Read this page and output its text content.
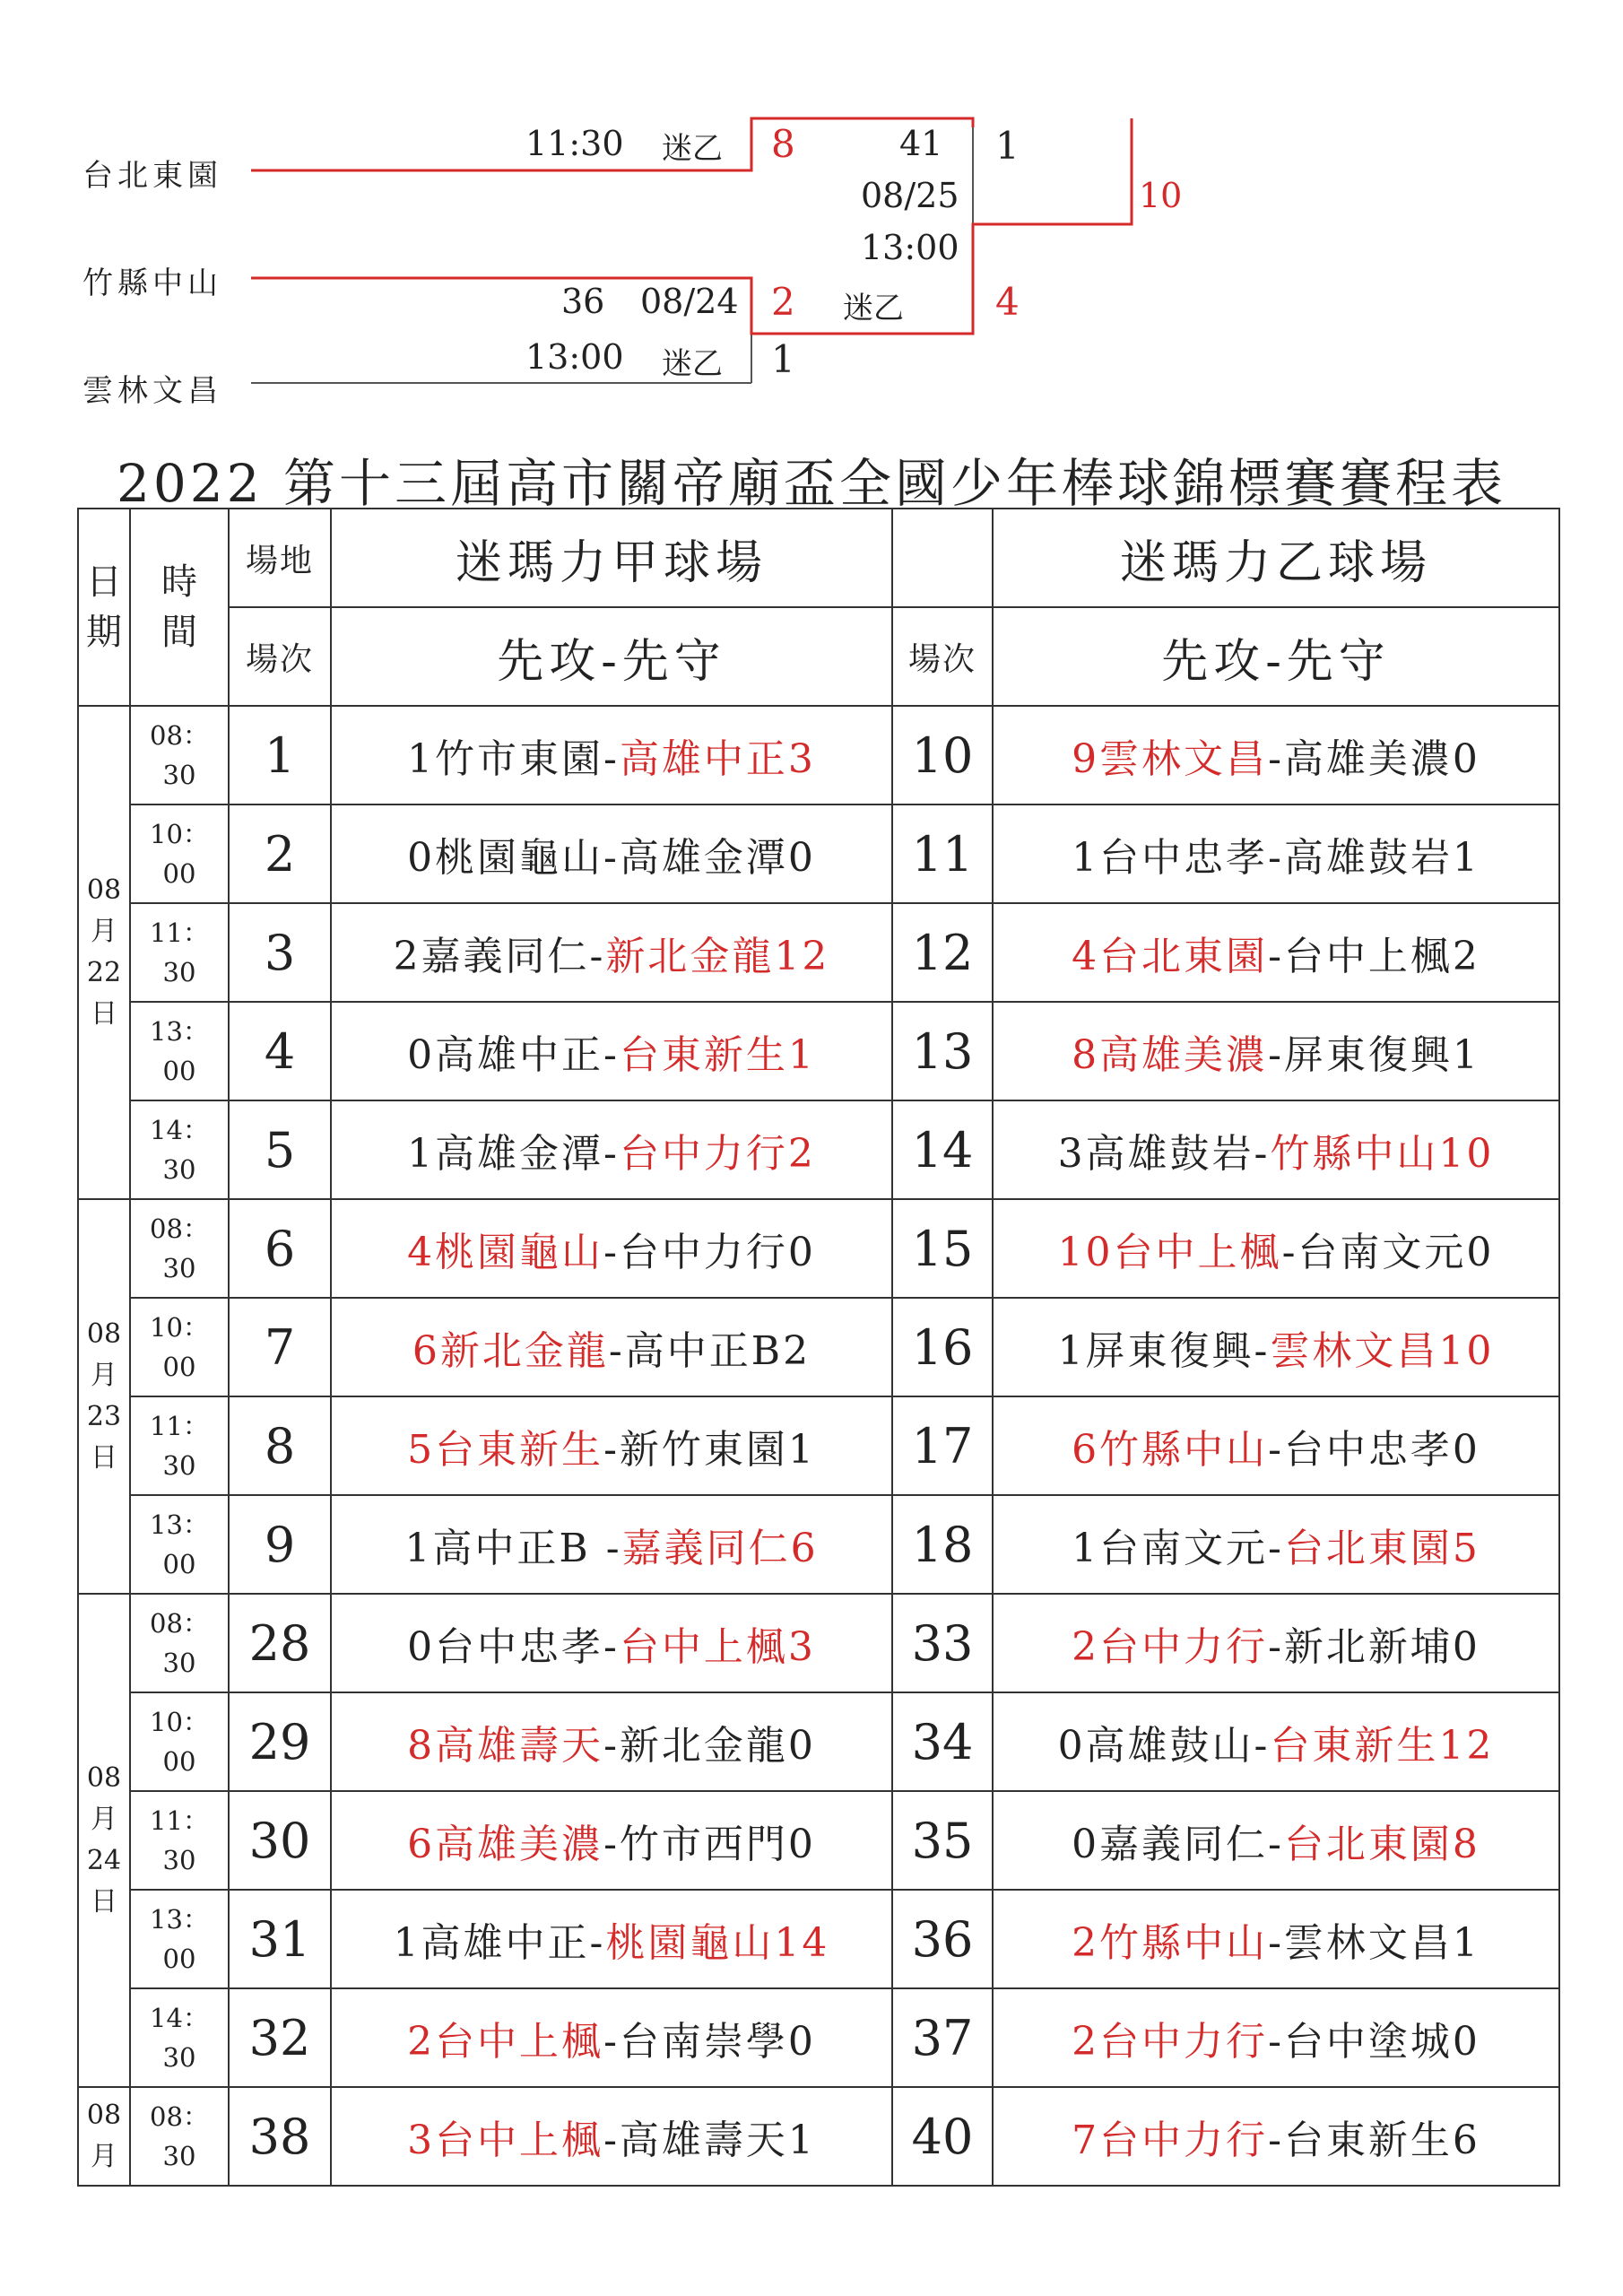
台北東園
竹縣中山
雲林文昌
11:30 迷乙 8	41 1
08/25
13:00
10
36 08/24 2 迷乙 4
13:00 迷乙 1
2022 第十三屆高市關帝廟盃全國少年棒球錦標賽賽程表
日
期	時
間	場地	迷瑪力甲球場		迷瑪力乙球場
		場次	先攻-先守	場次	先攻-先守

08
月
22
日	08：
30	1	1竹市東園-高雄中正3	10	9雲林文昌-高雄美濃0

	10：
00	2	0桃園龜山-高雄金潭0	11	1台中忠孝-高雄鼓岩1

	11：
30	3	2嘉義同仁-新北金龍12	12	4台北東園-台中上楓2

	13：
00	4	0高雄中正-台東新生1	13	8高雄美濃-屏東復興1

	14：
30	5	1高雄金潭-台中力行2	14	3高雄鼓岩-竹縣中山10

08
月
23
日	08：
30	6	4桃園龜山-台中力行0	15	10台中上楓-台南文元0

	10：
00	7	6新北金龍-高中正B2	16	1屏東復興-雲林文昌10

	11：
30	8	5台東新生-新竹東園1	17	6竹縣中山-台中忠孝0

	13：
00	9	1高中正B -嘉義同仁6	18	1台南文元-台北東園5

08
月
24
日	08：
30	28	0台中忠孝-台中上楓3	33	2台中力行-新北新埔0

	10：
00	29	8高雄壽天-新北金龍0	34	0高雄鼓山-台東新生12

	11：
30	30	6高雄美濃-竹市西門0	35	0嘉義同仁-台北東園8

	13：
00	31	1高雄中正-桃園龜山14	36	2竹縣中山-雲林文昌1

	14：
30	32	2台中上楓-台南崇學0	37	2台中力行-台中塗城0

08
月	08：
30	38	3台中上楓-高雄壽天1	40	7台中力行-台東新生6
